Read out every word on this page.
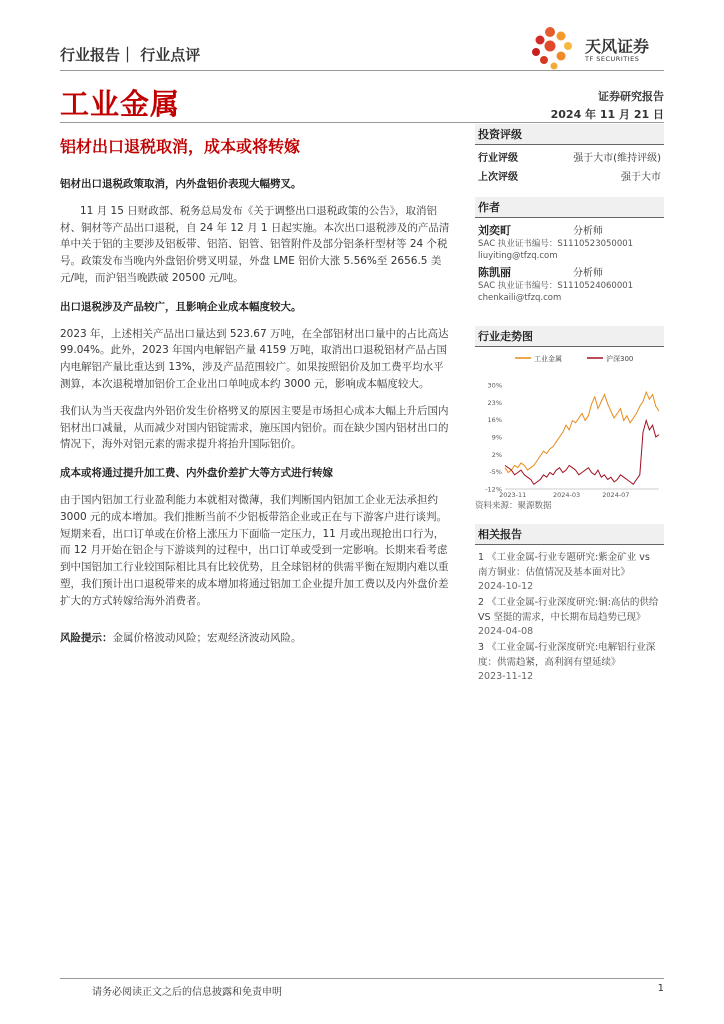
行业报告｜ 行业点评
工业金属
天风证券
TF SECURITIES
证券研究报告
2024 年 11 月 21 日
铝材出口退税取消，成本或将转嫁
铝材出口退税政策取消，内外盘铝价表现大幅劈叉。
11 月 15 日财政部、税务总局发布《关于调整出口退税政策的公告》，取消铝材、铜材等产品出口退税，自 24 年 12 月 1 日起实施。本次出口退税涉及的产品清单中关于铝的主要涉及铝板带、铝箔、铝管、铝管附件及部分铝条杆型材等 24 个税号。政策发布当晚内外盘铝价劈叉明显，外盘 LME 铝价大涨 5.56%至 2656.5 美元/吨，而沪铝当晚跌破 20500 元/吨。
出口退税涉及产品较广，且影响企业成本幅度较大。
2023 年，上述相关产品出口量达到 523.67 万吨，在全部铝材出口量中的占比高达 99.04%。此外，2023 年国内电解铝产量 4159 万吨，取消出口退税铝材产品占国内电解铝产量比重达到 13%，涉及产品范围较广。如果按照铝价及加工费平均水平测算，本次退税增加铝价工企业出口单吨成本约 3000 元，影响成本幅度较大。
我们认为当天夜盘内外铝价发生价格劈叉的原因主要是市场担心成本大幅上升后国内铝材出口减量，从而减少对国内铝锭需求，施压国内铝价。而在缺少国内铝材出口的情况下，海外对铝元素的需求提升将抬升国际铝价。
成本或将通过提升加工费、内外盘价差扩大等方式进行转嫁
由于国内铝加工行业盈利能力本就相对微薄，我们判断国内铝加工企业无法承担约 3000 元的成本增加。我们推断当前不少铝板带箔企业或正在与下游客户进行谈判。短期来看，出口订单或在价格上涨压力下面临一定压力，11 月或出现抢出口行为，而 12 月开始在铝企与下游谈判的过程中，出口订单或受到一定影响。长期来看考虑到中国铝加工行业较国际相比具有比较优势，且全球铝材的供需平衡在短期内难以重塑，我们预计出口退税带来的成本增加将通过铝加工企业提升加工费以及内外盘价差扩大的方式转嫁给海外消费者。
风险提示：金属价格波动风险；宏观经济波动风险。
投资评级
行业评级	强于大市(维持评级)
上次评级	强于大市
作者
刘奕町	分析师
SAC 执业证书编号：S1110523050001
liuyiting@tfzq.com
陈凯丽	分析师
SAC 执业证书编号：S1110524060001
chenkaili@tfzq.com
行业走势图
工业金属	沪深300
30%
23%
16%
9%
2%
-5%
-12%
2023-11	2024-03	2024-07
资料来源：聚源数据
相关报告
1 《工业金属-行业专题研究:紫金矿业 vs 南方铜业：估值情况及基本面对比》
2024-10-12
2 《工业金属-行业深度研究:铜:高估的供给 VS 坚挺的需求，中长期布局趋势已现》
2024-04-08
3 《工业金属-行业深度研究:电解铝行业深度：供需趋紧，高利润有望延续》
2023-11-12
请务必阅读正文之后的信息披露和免责申明	1
